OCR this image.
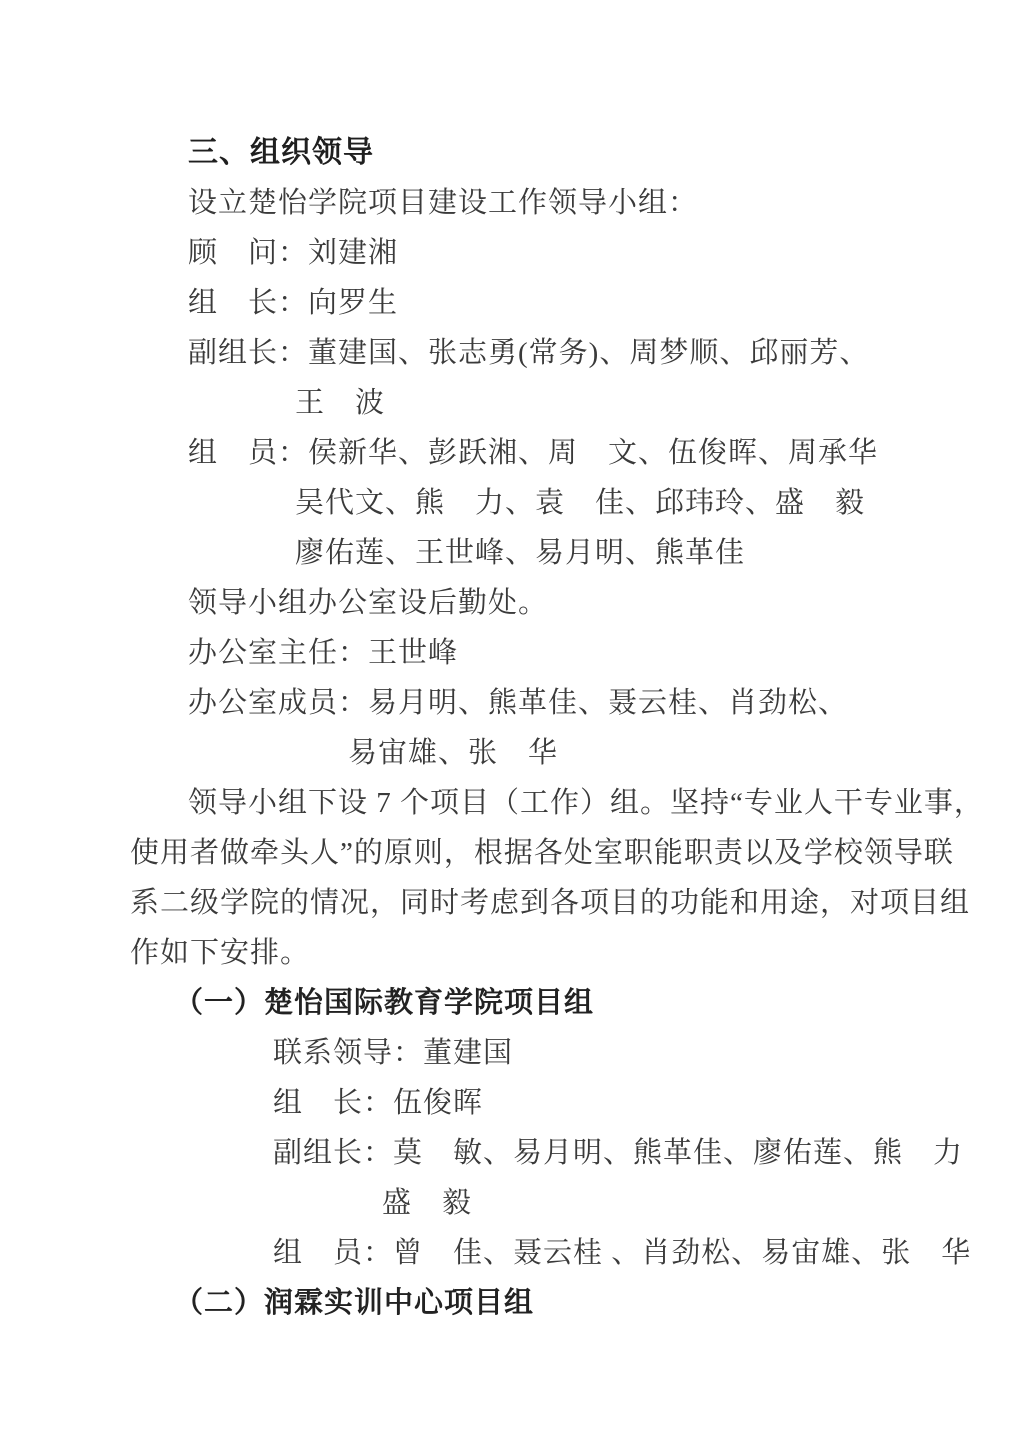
三、组织领导
设立楚怡学院项目建设工作领导小组：
顾　问：刘建湘
组　长：向罗生
副组长：董建国、张志勇(常务)、周梦顺、邱丽芳、
王　波
组　员：侯新华、彭跃湘、周　文、伍俊晖、周承华
吴代文、熊　力、袁　佳、邱玮玲、盛　毅
廖佑莲、王世峰、易月明、熊革佳
领导小组办公室设后勤处。
办公室主任：王世峰
办公室成员：易月明、熊革佳、聂云桂、肖劲松、
易宙雄、张　华
领导小组下设 7 个项目（工作）组。坚持“专业人干专业事，
使用者做牵头人”的原则，根据各处室职能职责以及学校领导联
系二级学院的情况，同时考虑到各项目的功能和用途，对项目组
作如下安排。
（一）楚怡国际教育学院项目组
联系领导：董建国
组　长：伍俊晖
副组长：莫　敏、易月明、熊革佳、廖佑莲、熊　力
盛　毅
组　员：曾　佳、聂云桂 、肖劲松、易宙雄、张　华
（二）润霖实训中心项目组
